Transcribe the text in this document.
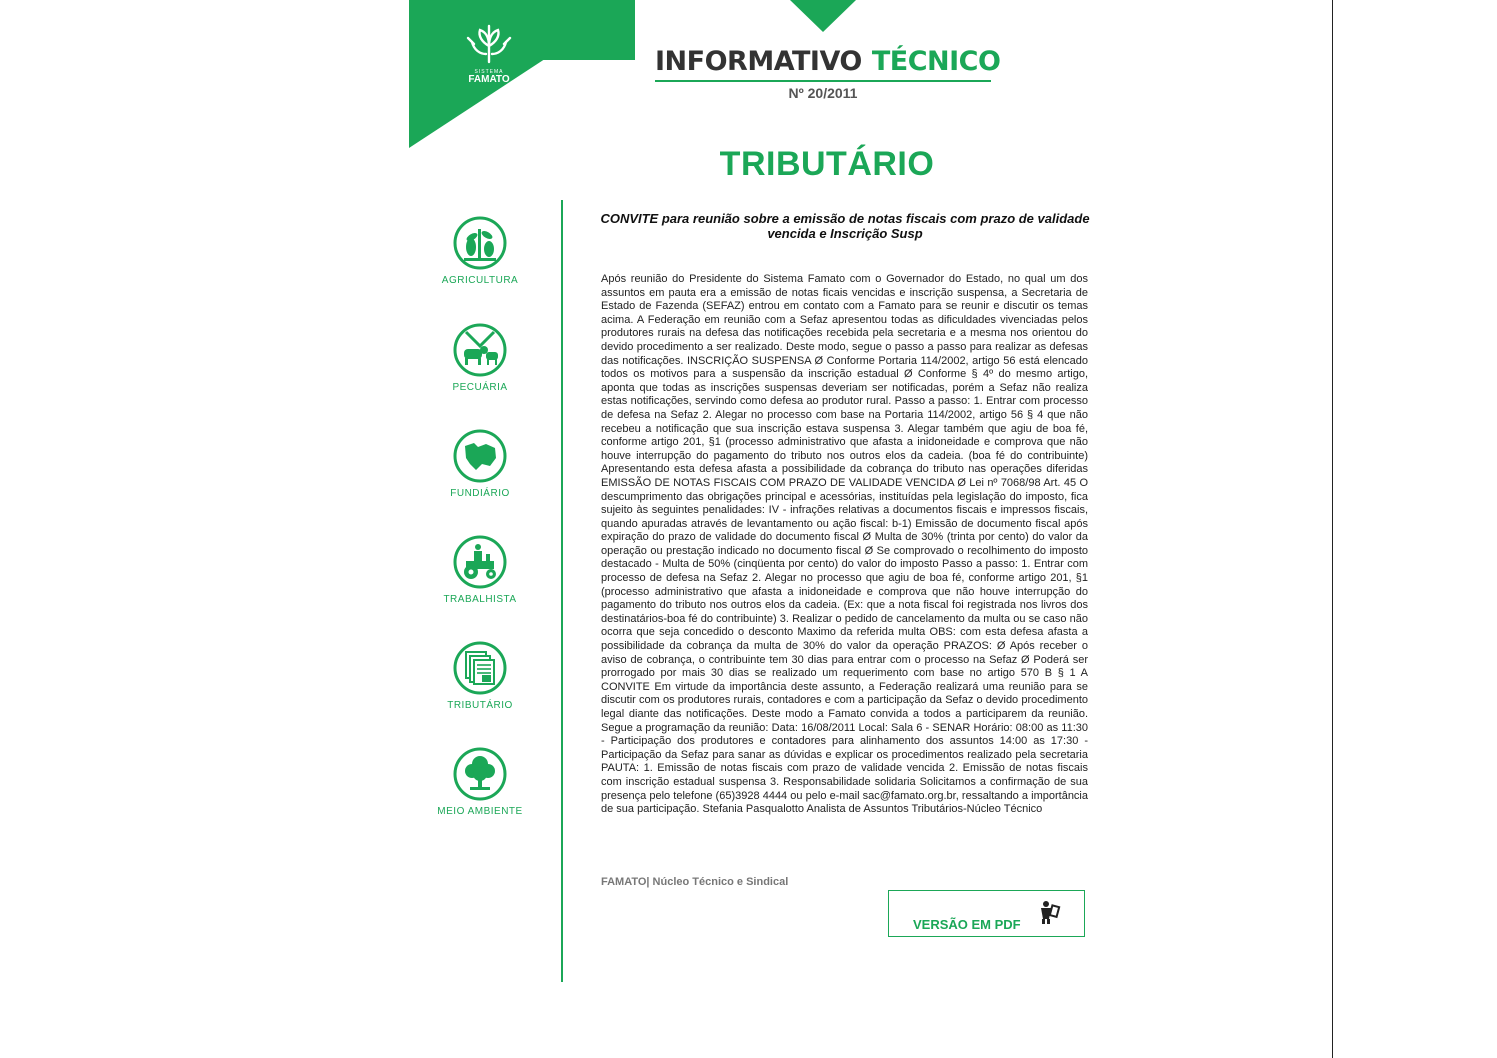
SISTEMA
FAMATO
INFORMATIVO TÉCNICO
Nº 20/2011
TRIBUTÁRIO
AGRICULTURA
PECUÁRIA
FUNDIÁRIO
TRABALHISTA
TRIBUTÁRIO
MEIO AMBIENTE
CONVITE para reunião sobre a emissão de notas fiscais com prazo de validade vencida e Inscrição Susp
Após reunião do Presidente do Sistema Famato com o Governador do Estado, no qual um dos assuntos em pauta era a emissão de notas ficais vencidas e inscrição suspensa, a Secretaria de Estado de Fazenda (SEFAZ) entrou em contato com a Famato para se reunir e discutir os temas acima. A Federação em reunião com a Sefaz apresentou todas as dificuldades vivenciadas pelos produtores rurais na defesa das notificações recebida pela secretaria e a mesma nos orientou do devido procedimento a ser realizado. Deste modo, segue o passo a passo para realizar as defesas das notificações. INSCRIÇÃO SUSPENSA Ø Conforme Portaria 114/2002, artigo 56 está elencado todos os motivos para a suspensão da inscrição estadual Ø Conforme § 4º do mesmo artigo, aponta que todas as inscrições suspensas deveriam ser notificadas, porém a Sefaz não realiza estas notificações, servindo como defesa ao produtor rural. Passo a passo: 1. Entrar com processo de defesa na Sefaz 2. Alegar no processo com base na Portaria 114/2002, artigo 56 § 4 que não recebeu a notificação que sua inscrição estava suspensa 3. Alegar também que agiu de boa fé, conforme artigo 201, §1 (processo administrativo que afasta a inidoneidade e comprova que não houve interrupção do pagamento do tributo nos outros elos da cadeia. (boa fé do contribuinte) Apresentando esta defesa afasta a possibilidade da cobrança do tributo nas operações diferidas EMISSÃO DE NOTAS FISCAIS COM PRAZO DE VALIDADE VENCIDA Ø Lei nº 7068/98 Art. 45 O descumprimento das obrigações principal e acessórias, instituídas pela legislação do imposto, fica sujeito às seguintes penalidades: IV - infrações relativas a documentos fiscais e impressos fiscais, quando apuradas através de levantamento ou ação fiscal: b-1) Emissão de documento fiscal após expiração do prazo de validade do documento fiscal Ø Multa de 30% (trinta por cento) do valor da operação ou prestação indicado no documento fiscal Ø Se comprovado o recolhimento do imposto destacado - Multa de 50% (cinqüenta por cento) do valor do imposto Passo a passo: 1. Entrar com processo de defesa na Sefaz 2. Alegar no processo que agiu de boa fé, conforme artigo 201, §1 (processo administrativo que afasta a inidoneidade e comprova que não houve interrupção do pagamento do tributo nos outros elos da cadeia. (Ex: que a nota fiscal foi registrada nos livros dos destinatários-boa fé do contribuinte) 3. Realizar o pedido de cancelamento da multa ou se caso não ocorra que seja concedido o desconto Maximo da referida multa OBS: com esta defesa afasta a possibilidade da cobrança da multa de 30% do valor da operação PRAZOS: Ø Após receber o aviso de cobrança, o contribuinte tem 30 dias para entrar com o processo na Sefaz Ø Poderá ser prorrogado por mais 30 dias se realizado um requerimento com base no artigo 570 B § 1 A CONVITE Em virtude da importância deste assunto, a Federação realizará uma reunião para se discutir com os produtores rurais, contadores e com a participação da Sefaz o devido procedimento legal diante das notificações. Deste modo a Famato convida a todos a participarem da reunião. Segue a programação da reunião: Data: 16/08/2011 Local: Sala 6 - SENAR Horário: 08:00 as 11:30 - Participação dos produtores e contadores para alinhamento dos assuntos 14:00 as 17:30 -Participação da Sefaz para sanar as dúvidas e explicar os procedimentos realizado pela secretaria PAUTA: 1. Emissão de notas fiscais com prazo de validade vencida 2. Emissão de notas fiscais com inscrição estadual suspensa 3. Responsabilidade solidaria Solicitamos a confirmação de sua presença pelo telefone (65)3928 4444 ou pelo e-mail sac@famato.org.br, ressaltando a importância de sua participação. Stefania Pasqualotto Analista de Assuntos Tributários-Núcleo Técnico
FAMATO| Núcleo Técnico e Sindical
VERSÃO EM PDF
